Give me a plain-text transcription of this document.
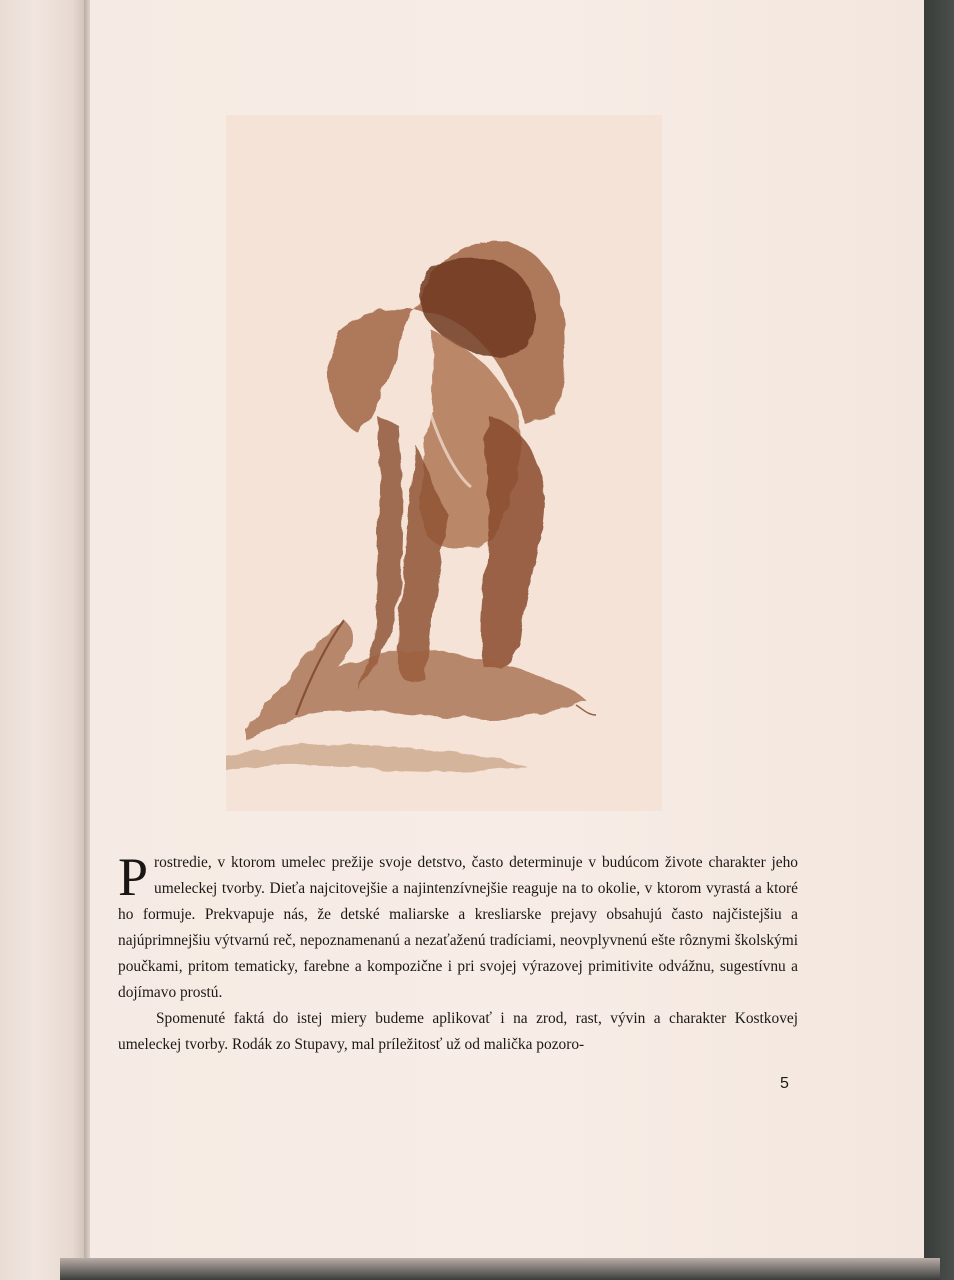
Prostredie, v ktorom umelec prežije svoje detstvo, často determinuje v budúcom živote charakter jeho umeleckej tvorby. Dieťa najcitovejšie a najintenzívnejšie reaguje na to okolie, v ktorom vyrastá a ktoré ho formuje. Prekvapuje nás, že detské maliarske a kresliarske prejavy obsahujú často najčistejšiu a najúprimnejšiu výtvarnú reč, nepoznamenanú a nezaťaženú tradíciami, neovplyvnenú ešte rôznymi školskými poučkami, pritom tematicky, farebne a kompozične i pri svojej výrazovej primitivite odvážnu, sugestívnu a dojímavo prostú.

Spomenuté faktá do istej miery budeme aplikovať i na zrod, rast, vývin a charakter Kostkovej umeleckej tvorby. Rodák zo Stupavy, mal príležitosť už od malička pozoro-

5
